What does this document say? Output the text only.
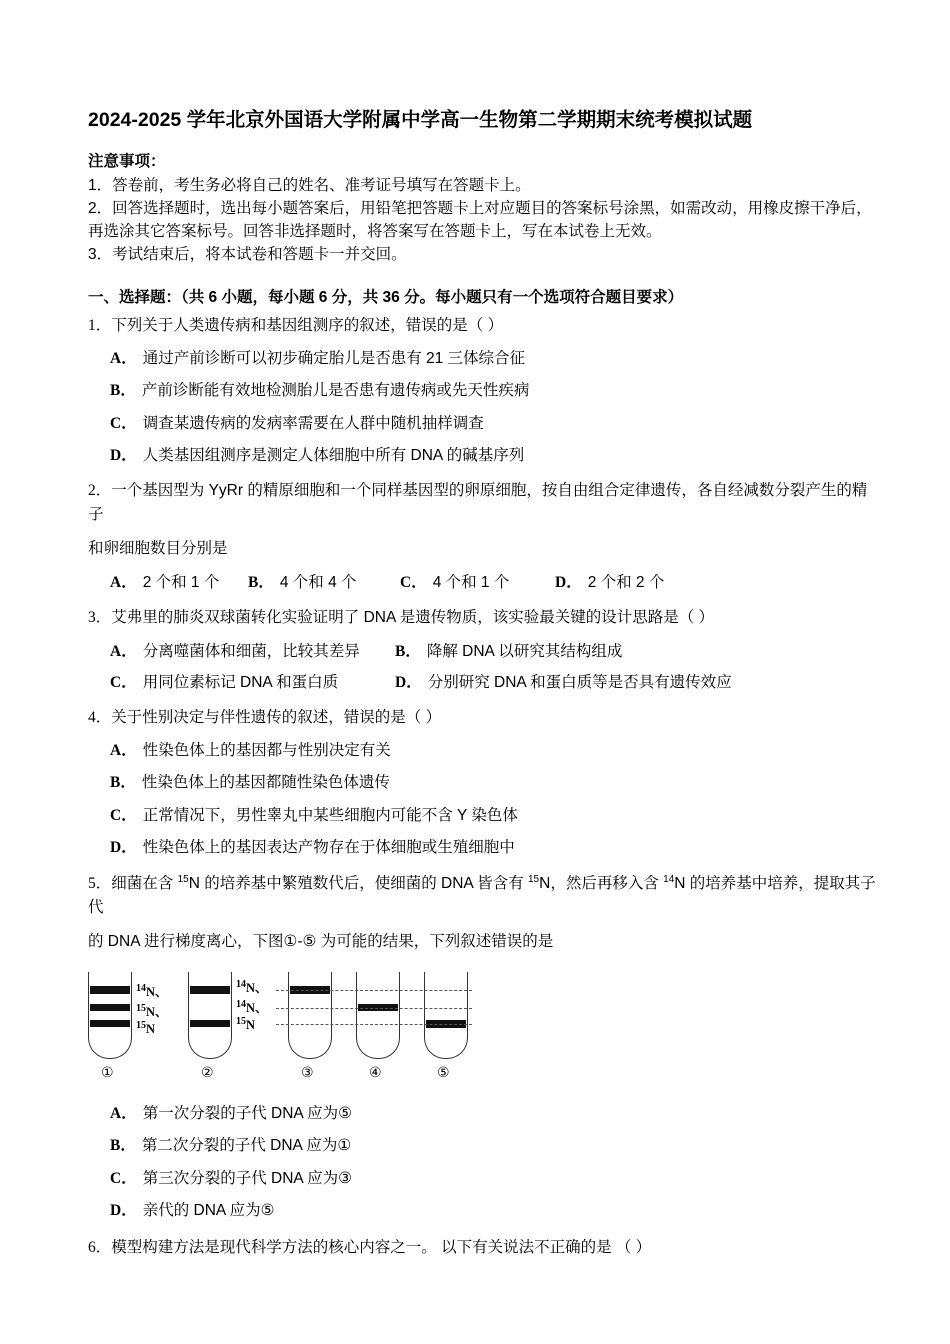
2024-2025 学年北京外国语大学附属中学高一生物第二学期期末统考模拟试题
注意事项：

1．答卷前，考生务必将自己的姓名、准考证号填写在答题卡上。

2．回答选择题时，选出每小题答案后，用铅笔把答题卡上对应题目的答案标号涂黑，如需改动，用橡皮擦干净后，

再选涂其它答案标号。回答非选择题时，将答案写在答题卡上，写在本试卷上无效。

3．考试结束后，将本试卷和答题卡一并交回。

一、选择题：（共 6 小题，每小题 6 分，共 36 分。每小题只有一个选项符合题目要求）

1．下列关于人类遗传病和基因组测序的叙述，错误的是（ ）

A． 通过产前诊断可以初步确定胎儿是否患有 21 三体综合征

B． 产前诊断能有效地检测胎儿是否患有遗传病或先天性疾病

C． 调查某遗传病的发病率需要在人群中随机抽样调查

D． 人类基因组测序是测定人体细胞中所有 DNA 的碱基序列

2．一个基因型为 YyRr 的精原细胞和一个同样基因型的卵原细胞，按自由组合定律遗传，各自经减数分裂产生的精子

和卵细胞数目分别是

A． 2 个和 1 个	B． 4 个和 4 个	C． 4 个和 1 个	D． 2 个和 2 个

3．艾弗里的肺炎双球菌转化实验证明了 DNA 是遗传物质，该实验最关键的设计思路是（ ）

A． 分离噬菌体和细菌，比较其差异	B． 降解 DNA 以研究其结构组成
C． 用同位素标记 DNA 和蛋白质	D． 分别研究 DNA 和蛋白质等是否具有遗传效应

4．关于性别决定与伴性遗传的叙述，错误的是（ ）

A． 性染色体上的基因都与性别决定有关

B． 性染色体上的基因都随性染色体遗传

C． 正常情况下，男性睾丸中某些细胞内可能不含 Y 染色体

D． 性染色体上的基因表达产物存在于体细胞或生殖细胞中

5．细菌在含 $^{15}$N 的培养基中繁殖数代后，使细菌的 DNA 皆含有 $^{15}$N，然后再移入含 $^{14}$N 的培养基中培养，提取其子代

的 DNA 进行梯度离心，下图①-⑤ 为可能的结果，下列叙述错误的是

$^{14}$N、
$^{15}$N、
$^{15}$N
$^{14}$N、
$^{14}$N、
$^{15}$N
①	②	③	④	⑤

A． 第一次分裂的子代 DNA 应为⑤

B． 第二次分裂的子代 DNA 应为①

C． 第三次分裂的子代 DNA 应为③

D． 亲代的 DNA 应为⑤

6．模型构建方法是现代科学方法的核心内容之一。 以下有关说法不正确的是 （ ）
